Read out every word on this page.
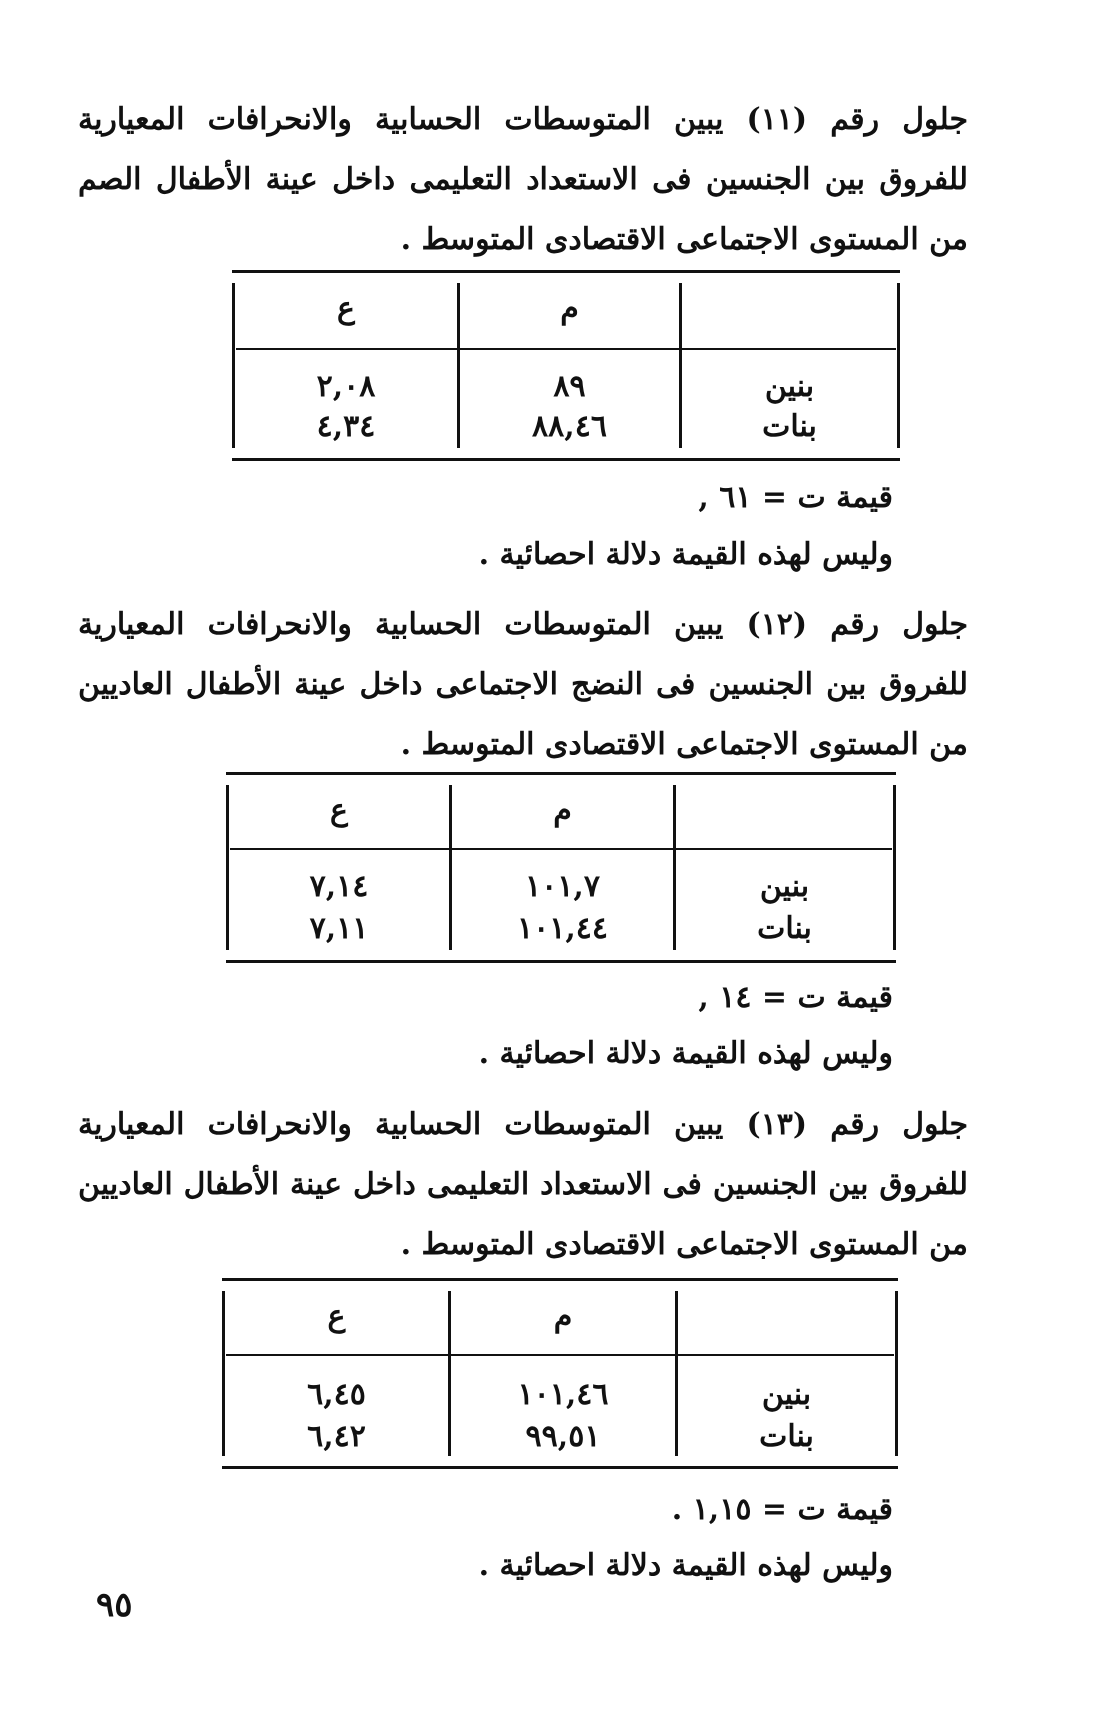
جلول رقم (١١) يبين المتوسطات الحسابية والانحرافات المعيارية للفروق بين الجنسين فى الاستعداد التعليمى داخل عينة الأطفال الصم من المستوى الاجتماعى الاقتصادى المتوسط .
م
ع
بنين
٨٩
٢,٠٨
بنات
٨٨,٤٦
٤,٣٤
قيمة ت = ٦١ ,
وليس لهذه القيمة دلالة احصائية .
جلول رقم (١٢) يبين المتوسطات الحسابية والانحرافات المعيارية للفروق بين الجنسين فى النضج الاجتماعى داخل عينة الأطفال العاديين من المستوى الاجتماعى الاقتصادى المتوسط .
م
ع
بنين
١٠١,٧
٧,١٤
بنات
١٠١,٤٤
٧,١١
قيمة ت = ١٤ ,
وليس لهذه القيمة دلالة احصائية .
جلول رقم (١٣) يبين المتوسطات الحسابية والانحرافات المعيارية للفروق بين الجنسين فى الاستعداد التعليمى داخل عينة الأطفال العاديين من المستوى الاجتماعى الاقتصادى المتوسط .
م
ع
بنين
١٠١,٤٦
٦,٤٥
بنات
٩٩,٥١
٦,٤٢
قيمة ت = ١,١٥ .
وليس لهذه القيمة دلالة احصائية .
٩٥
